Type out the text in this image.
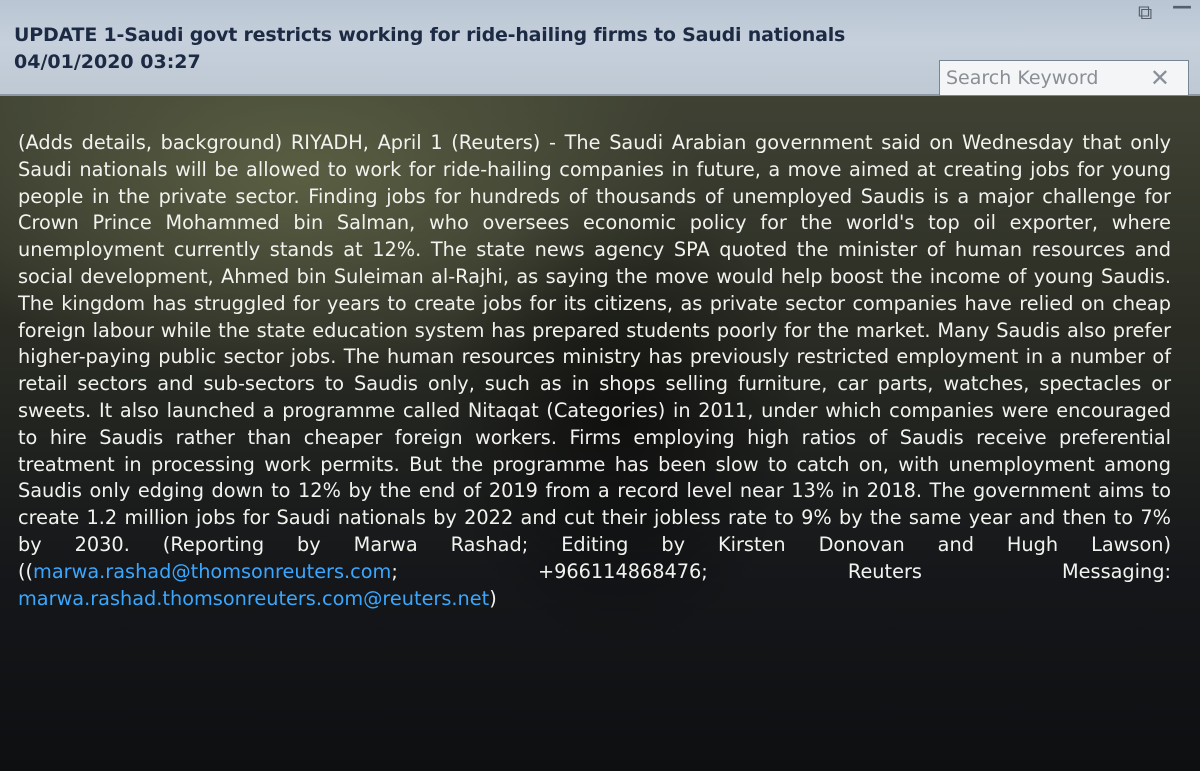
UPDATE 1-Saudi govt restricts working for ride-hailing firms to Saudi nationals
04/01/2020 03:27
⧉ —
Search Keyword
✕

(Adds details, background) RIYADH, April 1 (Reuters) - The Saudi Arabian government said on Wednesday that only Saudi nationals will be allowed to work for ride-hailing companies in future, a move aimed at creating jobs for young people in the private sector. Finding jobs for hundreds of thousands of unemployed Saudis is a major challenge for Crown Prince Mohammed bin Salman, who oversees economic policy for the world's top oil exporter, where unemployment currently stands at 12%. The state news agency SPA quoted the minister of human resources and social development, Ahmed bin Suleiman al-Rajhi, as saying the move would help boost the income of young Saudis. The kingdom has struggled for years to create jobs for its citizens, as private sector companies have relied on cheap foreign labour while the state education system has prepared students poorly for the market. Many Saudis also prefer higher-paying public sector jobs. The human resources ministry has previously restricted employment in a number of retail sectors and sub-sectors to Saudis only, such as in shops selling furniture, car parts, watches, spectacles or sweets. It also launched a programme called Nitaqat (Categories) in 2011, under which companies were encouraged to hire Saudis rather than cheaper foreign workers. Firms employing high ratios of Saudis receive preferential treatment in processing work permits. But the programme has been slow to catch on, with unemployment among Saudis only edging down to 12% by the end of 2019 from a record level near 13% in 2018. The government aims to create 1.2 million jobs for Saudi nationals by 2022 and cut their jobless rate to 9% by the same year and then to 7% by 2030. (Reporting by Marwa Rashad; Editing by Kirsten Donovan and Hugh Lawson) ((marwa.rashad@thomsonreuters.com; +966114868476; Reuters Messaging: marwa.rashad.thomsonreuters.com@reuters.net)
